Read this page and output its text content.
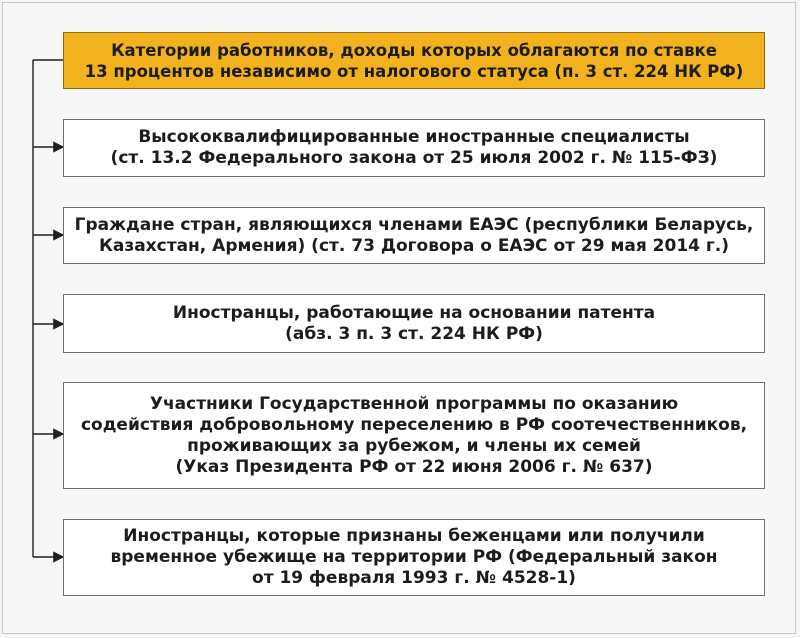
Категории работников, доходы которых облагаются по ставке
13 процентов независимо от налогового статуса (п. 3 ст. 224 НК РФ)
Высококвалифицированные иностранные специалисты
(ст. 13.2 Федерального закона от 25 июля 2002 г. № 115-ФЗ)
Граждане стран, являющихся членами ЕАЭС (республики Беларусь,
Казахстан, Армения) (ст. 73 Договора о ЕАЭС от 29 мая 2014 г.)
Иностранцы, работающие на основании патента
(абз. 3 п. 3 ст. 224 НК РФ)
Участники Государственной программы по оказанию
содействия добровольному переселению в РФ соотечественников,
проживающих за рубежом, и члены их семей
(Указ Президента РФ от 22 июня 2006 г. № 637)
Иностранцы, которые признаны беженцами или получили
временное убежище на территории РФ (Федеральный закон
от 19 февраля 1993 г. № 4528-1)
